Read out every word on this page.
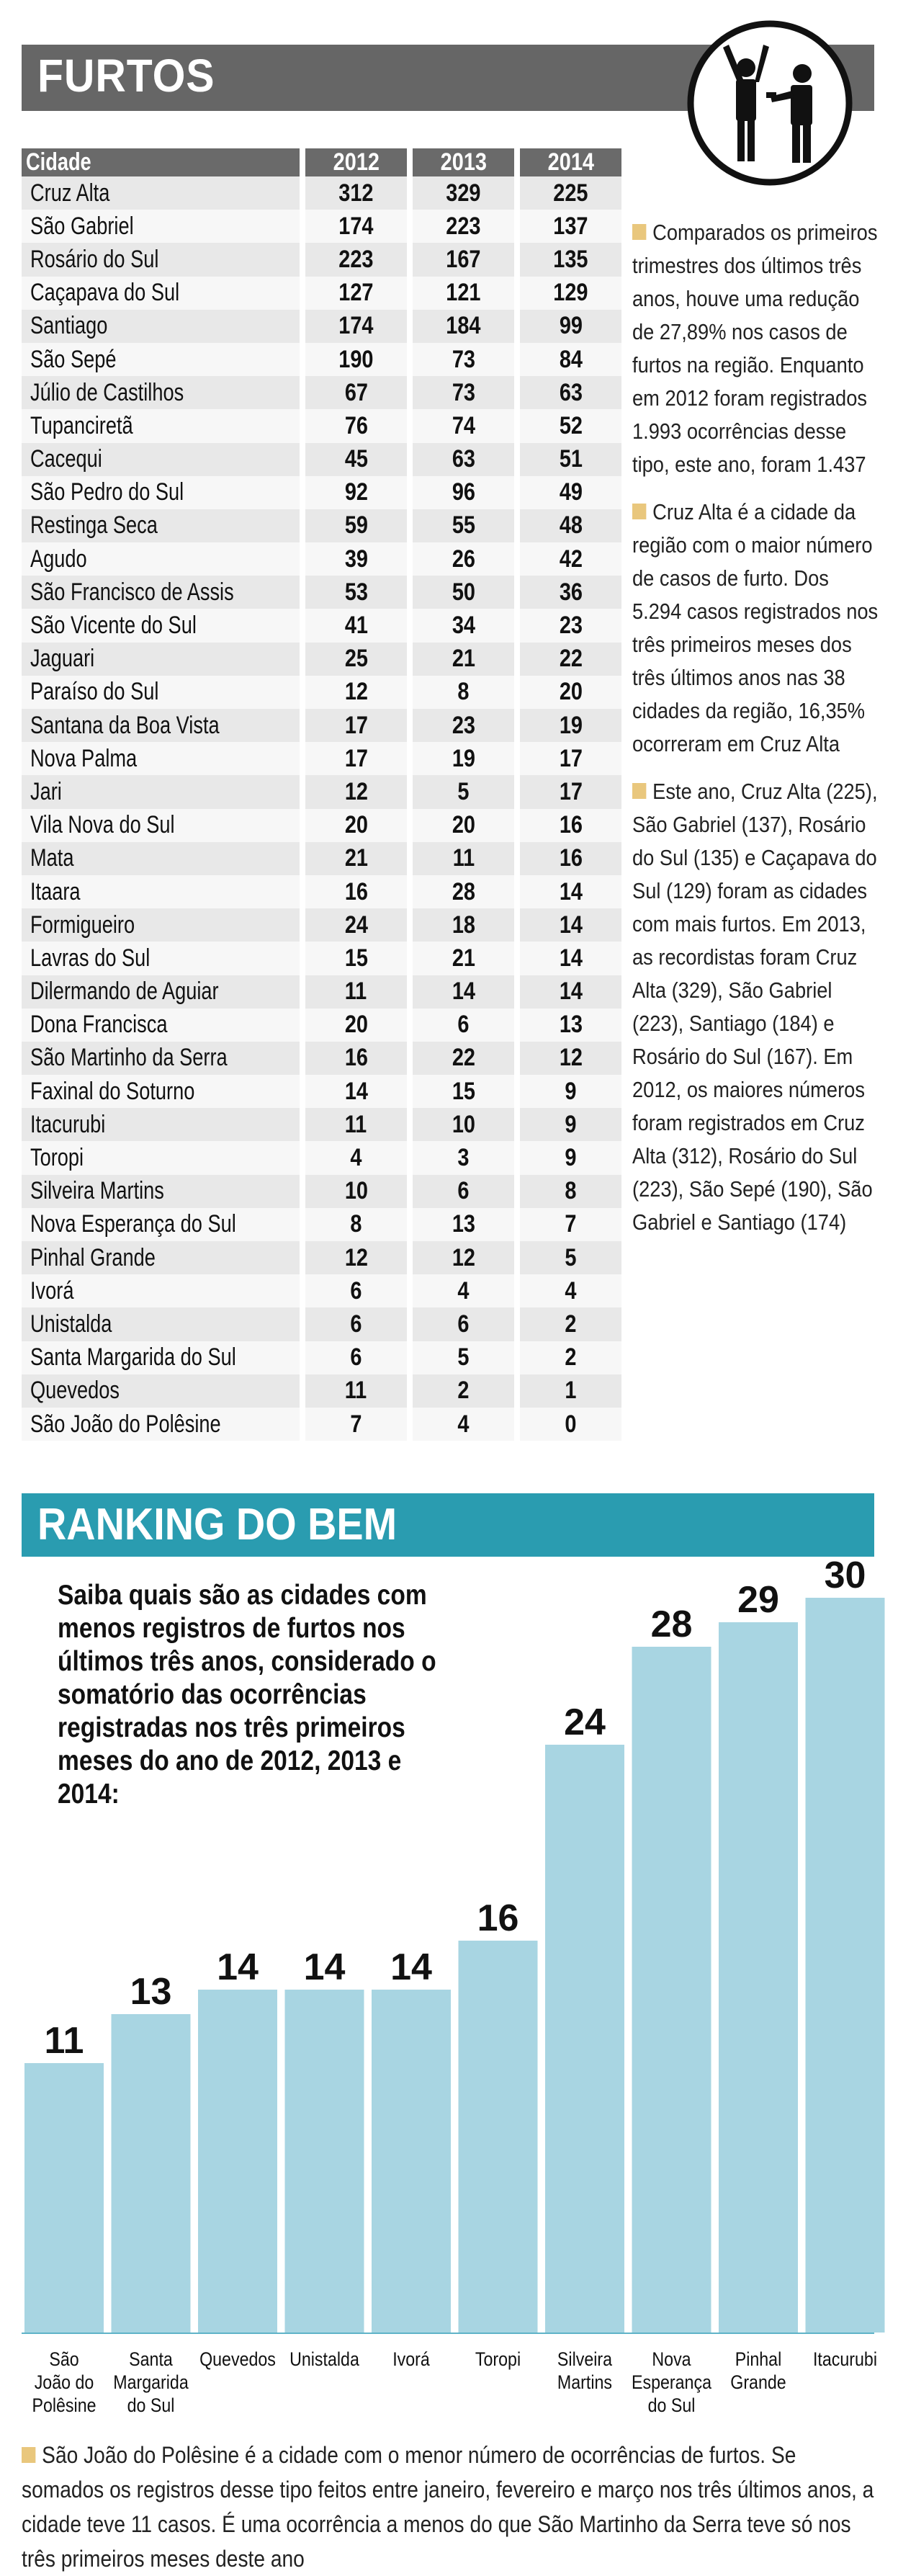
FURTOS
Cidade	2012	2013	2014
Cruz Alta	312	329	225
São Gabriel	174	223	137
Rosário do Sul	223	167	135
Caçapava do Sul	127	121	129
Santiago	174	184	99
São Sepé	190	73	84
Júlio de Castilhos	67	73	63
Tupanciretã	76	74	52
Cacequi	45	63	51
São Pedro do Sul	92	96	49
Restinga Seca	59	55	48
Agudo	39	26	42
São Francisco de Assis	53	50	36
São Vicente do Sul	41	34	23
Jaguari	25	21	22
Paraíso do Sul	12	8	20
Santana da Boa Vista	17	23	19
Nova Palma	17	19	17
Jari	12	5	17
Vila Nova do Sul	20	20	16
Mata	21	11	16
Itaara	16	28	14
Formigueiro	24	18	14
Lavras do Sul	15	21	14
Dilermando de Aguiar	11	14	14
Dona Francisca	20	6	13
São Martinho da Serra	16	22	12
Faxinal do Soturno	14	15	9
Itacurubi	11	10	9
Toropi	4	3	9
Silveira Martins	10	6	8
Nova Esperança do Sul	8	13	7
Pinhal Grande	12	12	5
Ivorá	6	4	4
Unistalda	6	6	2
Santa Margarida do Sul	6	5	2
Quevedos	11	2	1
São João do Polêsine	7	4	0
Comparados os primeiros trimestres dos últimos três anos, houve uma redução de 27,89% nos casos de furtos na região. Enquanto em 2012 foram registrados 1.993 ocorrências desse tipo, este ano, foram 1.437
Cruz Alta é a cidade da região com o maior número de casos de furto. Dos 5.294 casos registrados nos três primeiros meses dos três últimos anos nas 38 cidades da região, 16,35% ocorreram em Cruz Alta
Este ano, Cruz Alta (225), São Gabriel (137), Rosário do Sul (135) e Caçapava do Sul (129) foram as cidades com mais furtos. Em 2013, as recordistas foram Cruz Alta (329), São Gabriel (223), Santiago (184) e Rosário do Sul (167). Em 2012, os maiores números foram registrados em Cruz Alta (312), Rosário do Sul (223), São Sepé (190), São Gabriel e Santiago (174)
RANKING DO BEM
11
São João do Polêsine
13
Santa Margarida do Sul
14
Quevedos
14
Unistalda
14
Ivorá
16
Toropi
24
Silveira Martins
28
Nova Esperança do Sul
29
Pinhal Grande
30
Itacurubi
Saiba quais são as cidades com menos registros de furtos nos últimos três anos, considerado o somatório das ocorrências registradas nos três primeiros meses do ano de 2012, 2013 e 2014:
São João do Polêsine é a cidade com o menor número de ocorrências de furtos. Se somados os registros desse tipo feitos entre janeiro, fevereiro e março nos três últimos anos, a cidade teve 11 casos. É uma ocorrência a menos do que São Martinho da Serra teve só nos três primeiros meses deste ano
